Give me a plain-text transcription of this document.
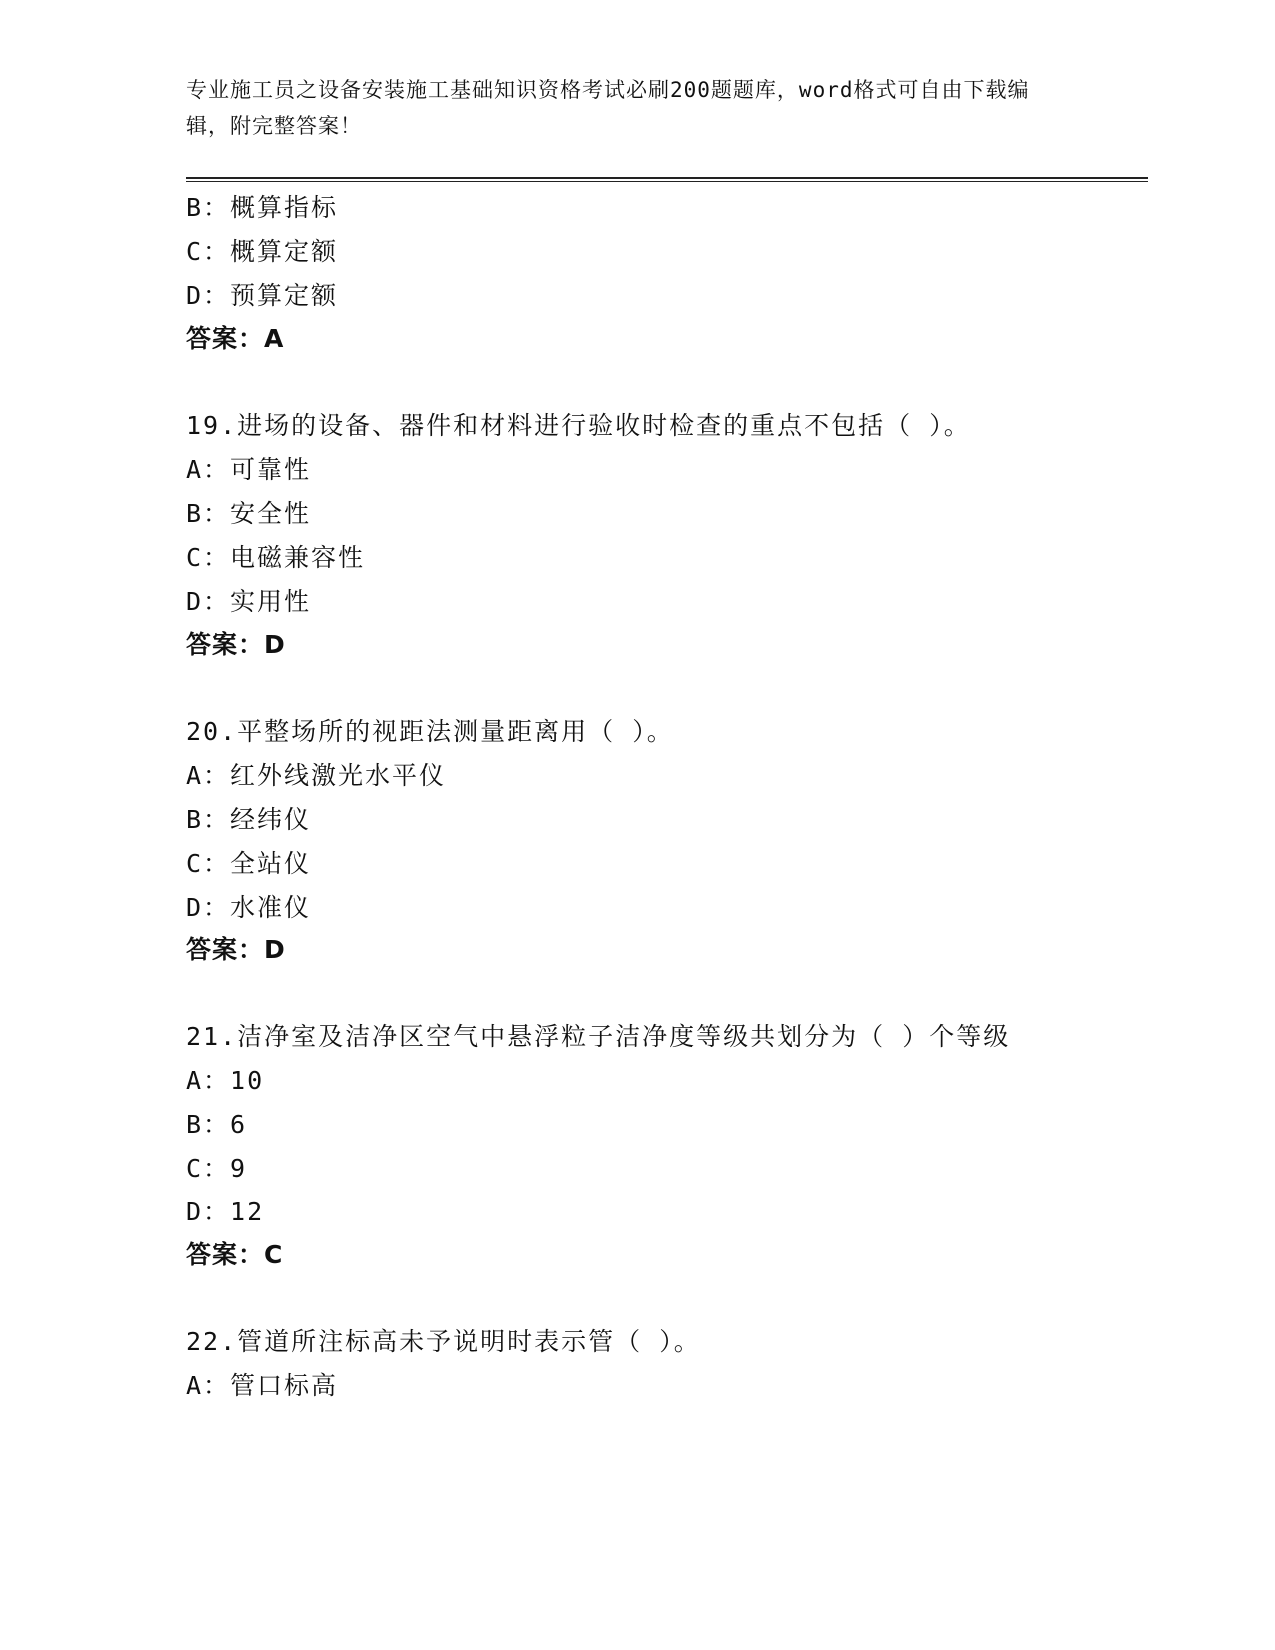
专业施工员之设备安装施工基础知识资格考试必刷200题题库，word格式可自由下载编辑，附完整答案！
B：概算指标
C：概算定额
D：预算定额
答案：A
19.进场的设备、器件和材料进行验收时检查的重点不包括（ ）。
A：可靠性
B：安全性
C：电磁兼容性
D：实用性
答案：D
20.平整场所的视距法测量距离用（ ）。
A：红外线激光水平仪
B：经纬仪
C：全站仪
D：水准仪
答案：D
21.洁净室及洁净区空气中悬浮粒子洁净度等级共划分为（ ）个等级
A：10
B：6
C：9
D：12
答案：C
22.管道所注标高未予说明时表示管（ ）。
A：管口标高
